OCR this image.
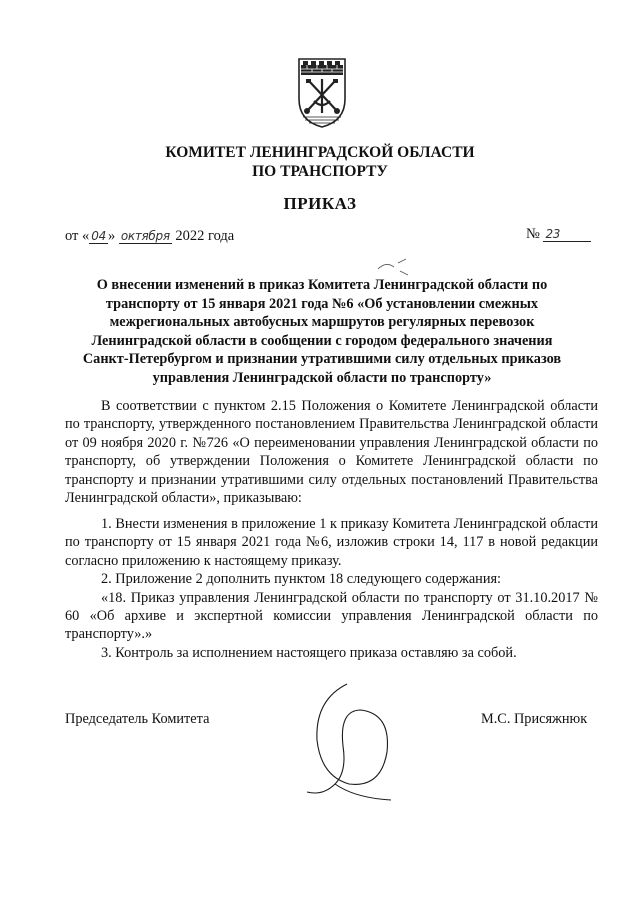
КОМИТЕТ ЛЕНИНГРАДСКОЙ ОБЛАСТИ
ПО ТРАНСПОРТУ
ПРИКАЗ
от « 04 » октября 2022 года	№ 23
О внесении изменений в приказ Комитета Ленинградской области по транспорту от 15 января 2021 года №6 «Об установлении смежных межрегиональных автобусных маршрутов регулярных перевозок Ленинградской области в сообщении с городом федерального значения Санкт-Петербургом и признании утратившими силу отдельных приказов управления Ленинградской области по транспорту»

В соответствии с пунктом 2.15 Положения о Комитете Ленинградской области по транспорту, утвержденного постановлением Правительства Ленинградской области от 09 ноября 2020 г. №726 «О переименовании управления Ленинградской области по транспорту, об утверждении Положения о Комитете Ленинградской области по транспорту и признании утратившими силу отдельных постановлений Правительства Ленинградской области», приказываю:

1. Внести изменения в приложение 1 к приказу Комитета Ленинградской области по транспорту от 15 января 2021 года №6, изложив строки 14, 117 в новой редакции согласно приложению к настоящему приказу.

2. Приложение 2 дополнить пунктом 18 следующего содержания:

«18. Приказ управления Ленинградской области по транспорту от 31.10.2017 № 60 «Об архиве и экспертной комиссии управления Ленинградской области по транспорту».»

3. Контроль за исполнением настоящего приказа оставляю за собой.

Председатель Комитета	М.С. Присяжнюк
